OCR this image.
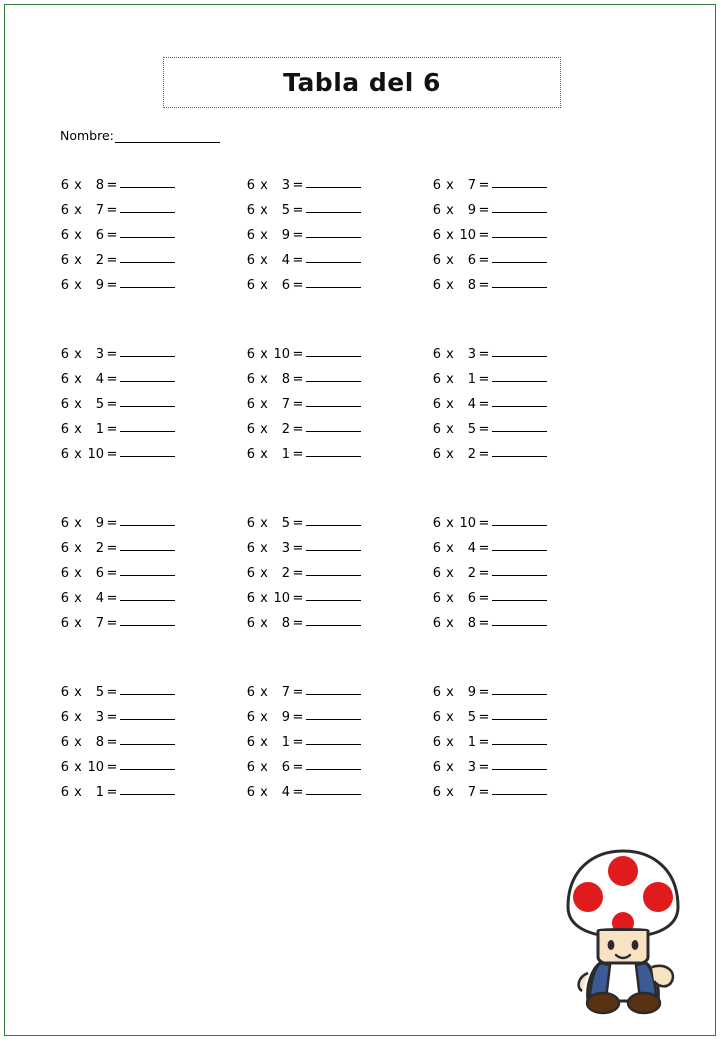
Tabla del 6
Nombre:
6 x	8 =
6 x	7 =
6 x	6 =
6 x	2 =
6 x	9 =
6 x	3 =
6 x	5 =
6 x	9 =
6 x	4 =
6 x	6 =
6 x	7 =
6 x	9 =
6 x 10 =
6 x	6 =
6 x	8 =
6 x	3 =
6 x	4 =
6 x	5 =
6 x	1 =
6 x 10 =
6 x 10 =
6 x	8 =
6 x	7 =
6 x	2 =
6 x	1 =
6 x	3 =
6 x	1 =
6 x	4 =
6 x	5 =
6 x	2 =
6 x	9 =
6 x	2 =
6 x	6 =
6 x	4 =
6 x	7 =
6 x	5 =
6 x	3 =
6 x	2 =
6 x 10 =
6 x	8 =
6 x 10 =
6 x	4 =
6 x	2 =
6 x	6 =
6 x	8 =
6 x	5 =
6 x	3 =
6 x	8 =
6 x 10 =
6 x	1 =
6 x	7 =
6 x	9 =
6 x	1 =
6 x	6 =
6 x	4 =
6 x	9 =
6 x	5 =
6 x	1 =
6 x	3 =
6 x	7 =
